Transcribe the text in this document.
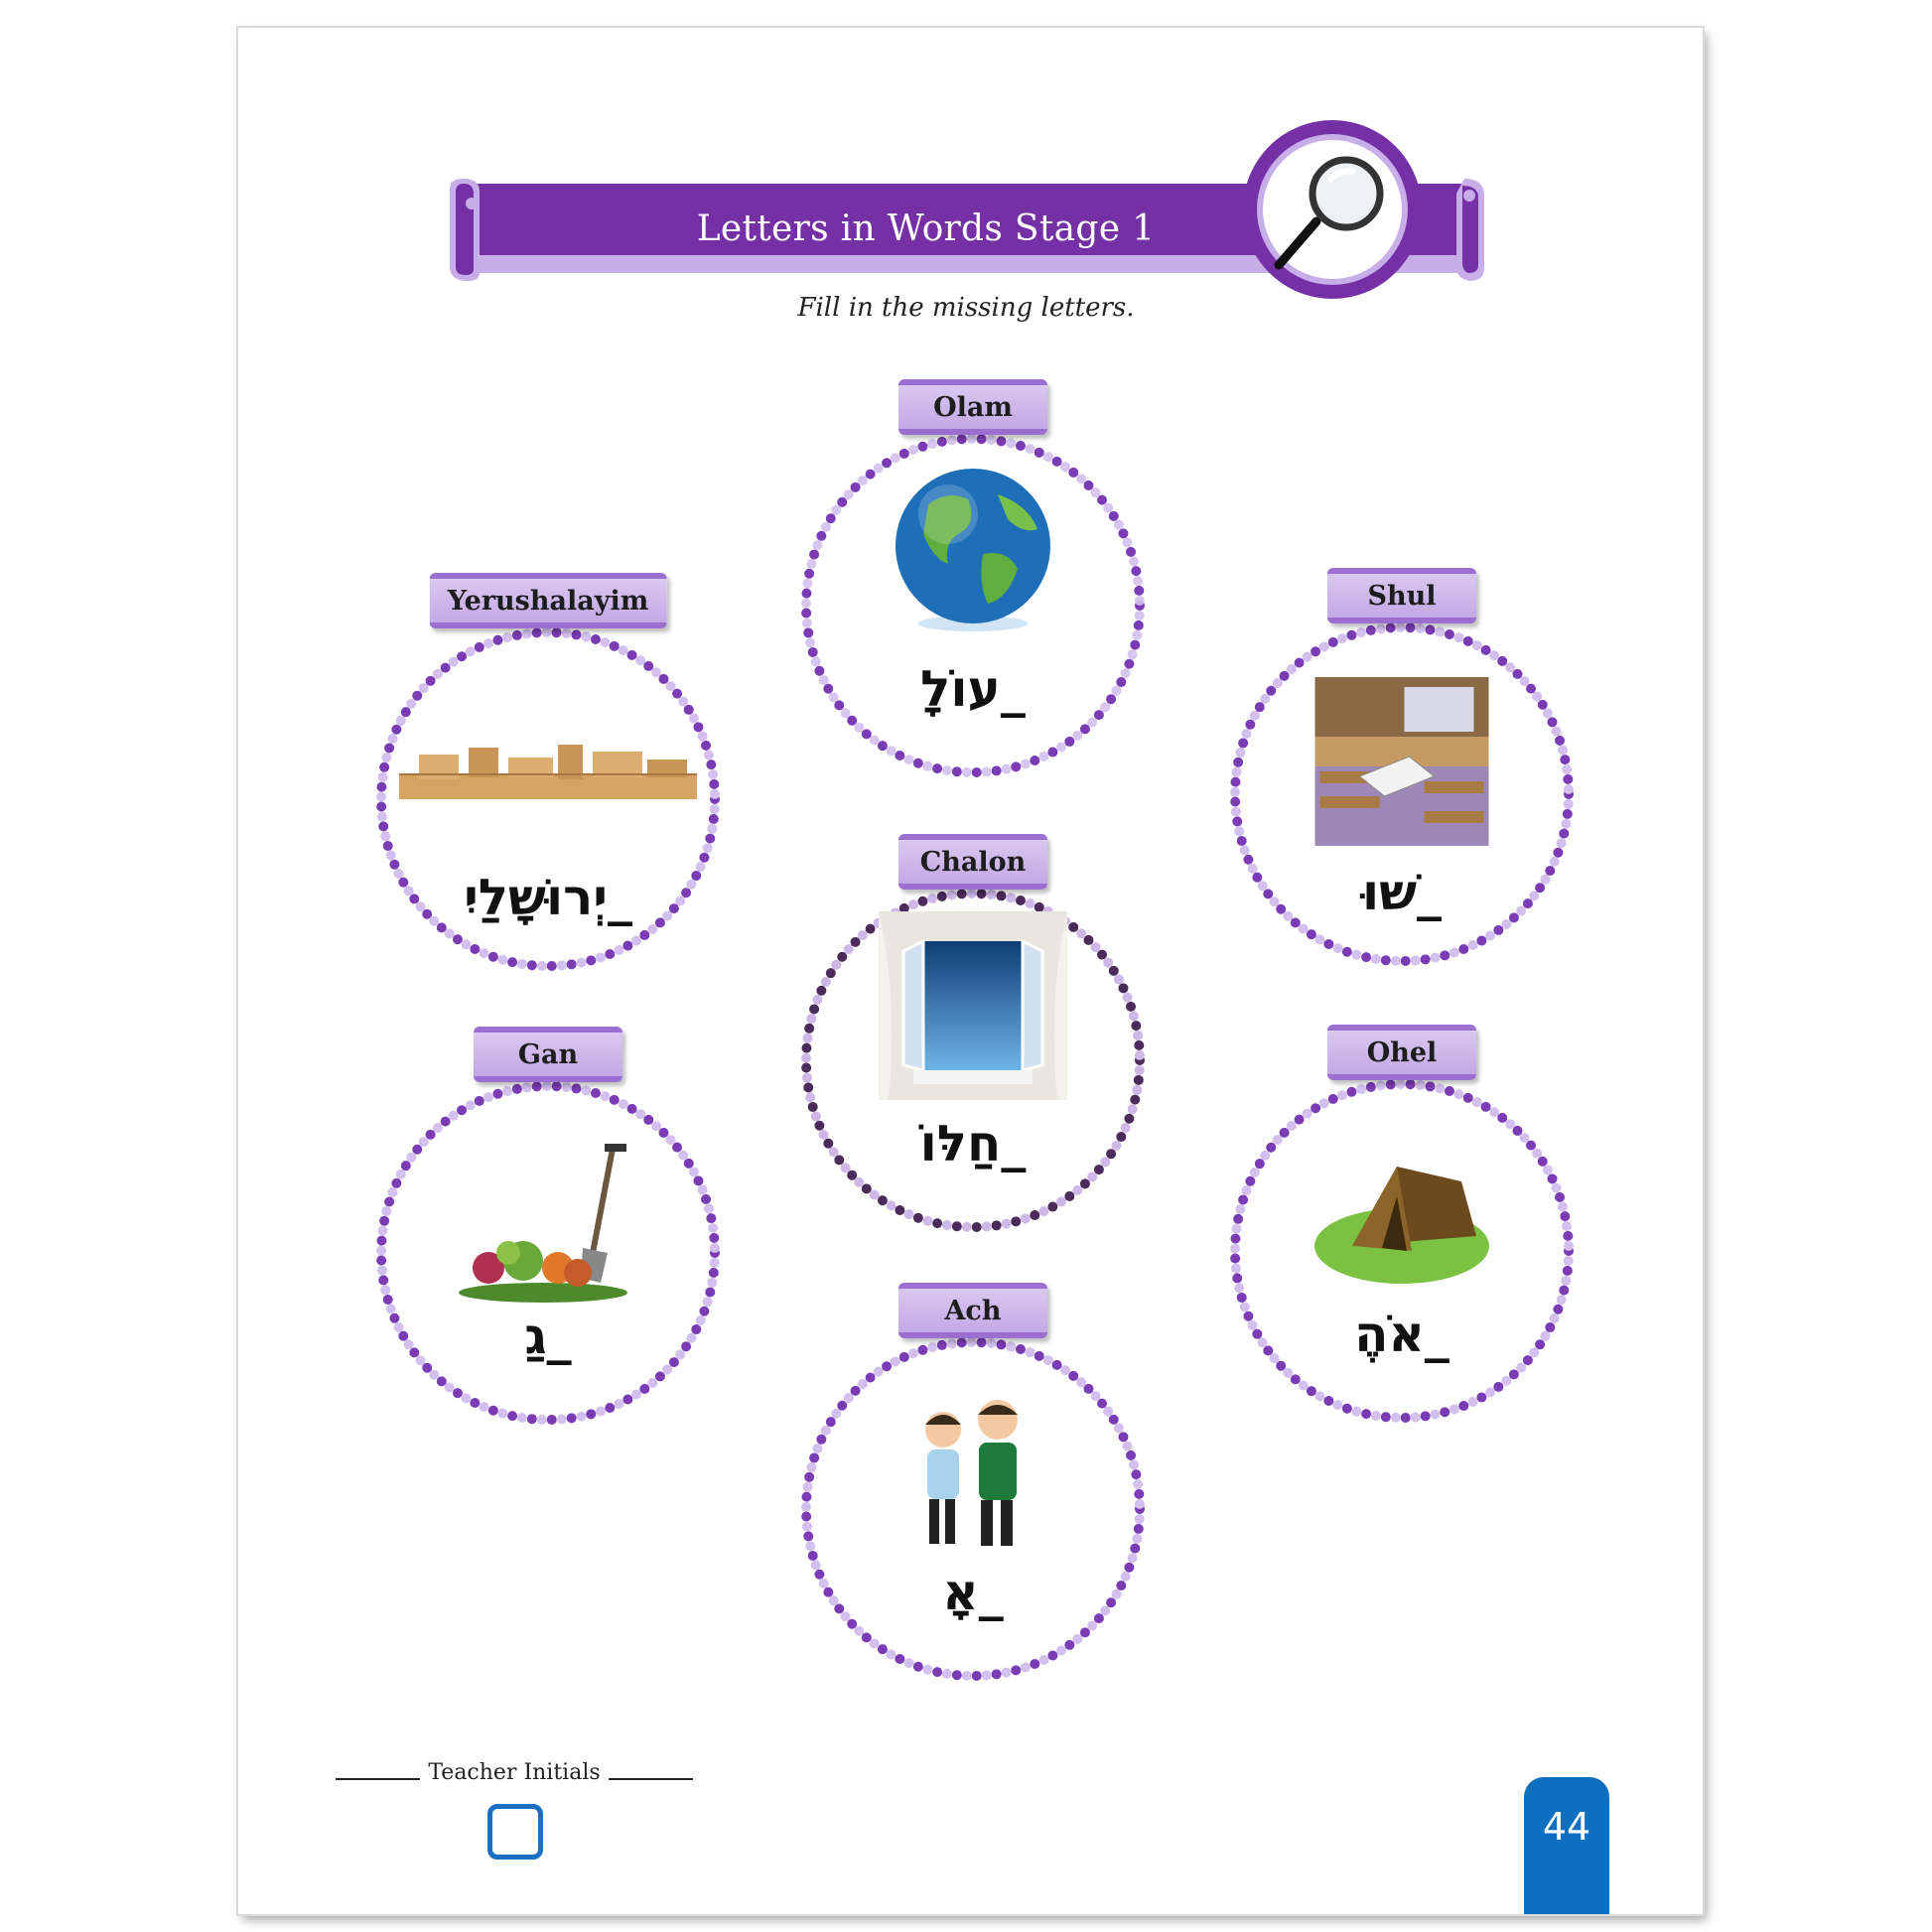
Letters in Words Stage 1
Fill in the missing letters.
Olam
עוֹלָ_
Yerushalayim
יְרוּשָׁלַיִ_
Shul
שׁוּ_
Chalon
חַלּוֹ_
Gan
גַ_
Ohel
אֹהֶ_
Ach
אָ_
Teacher Initials
44
